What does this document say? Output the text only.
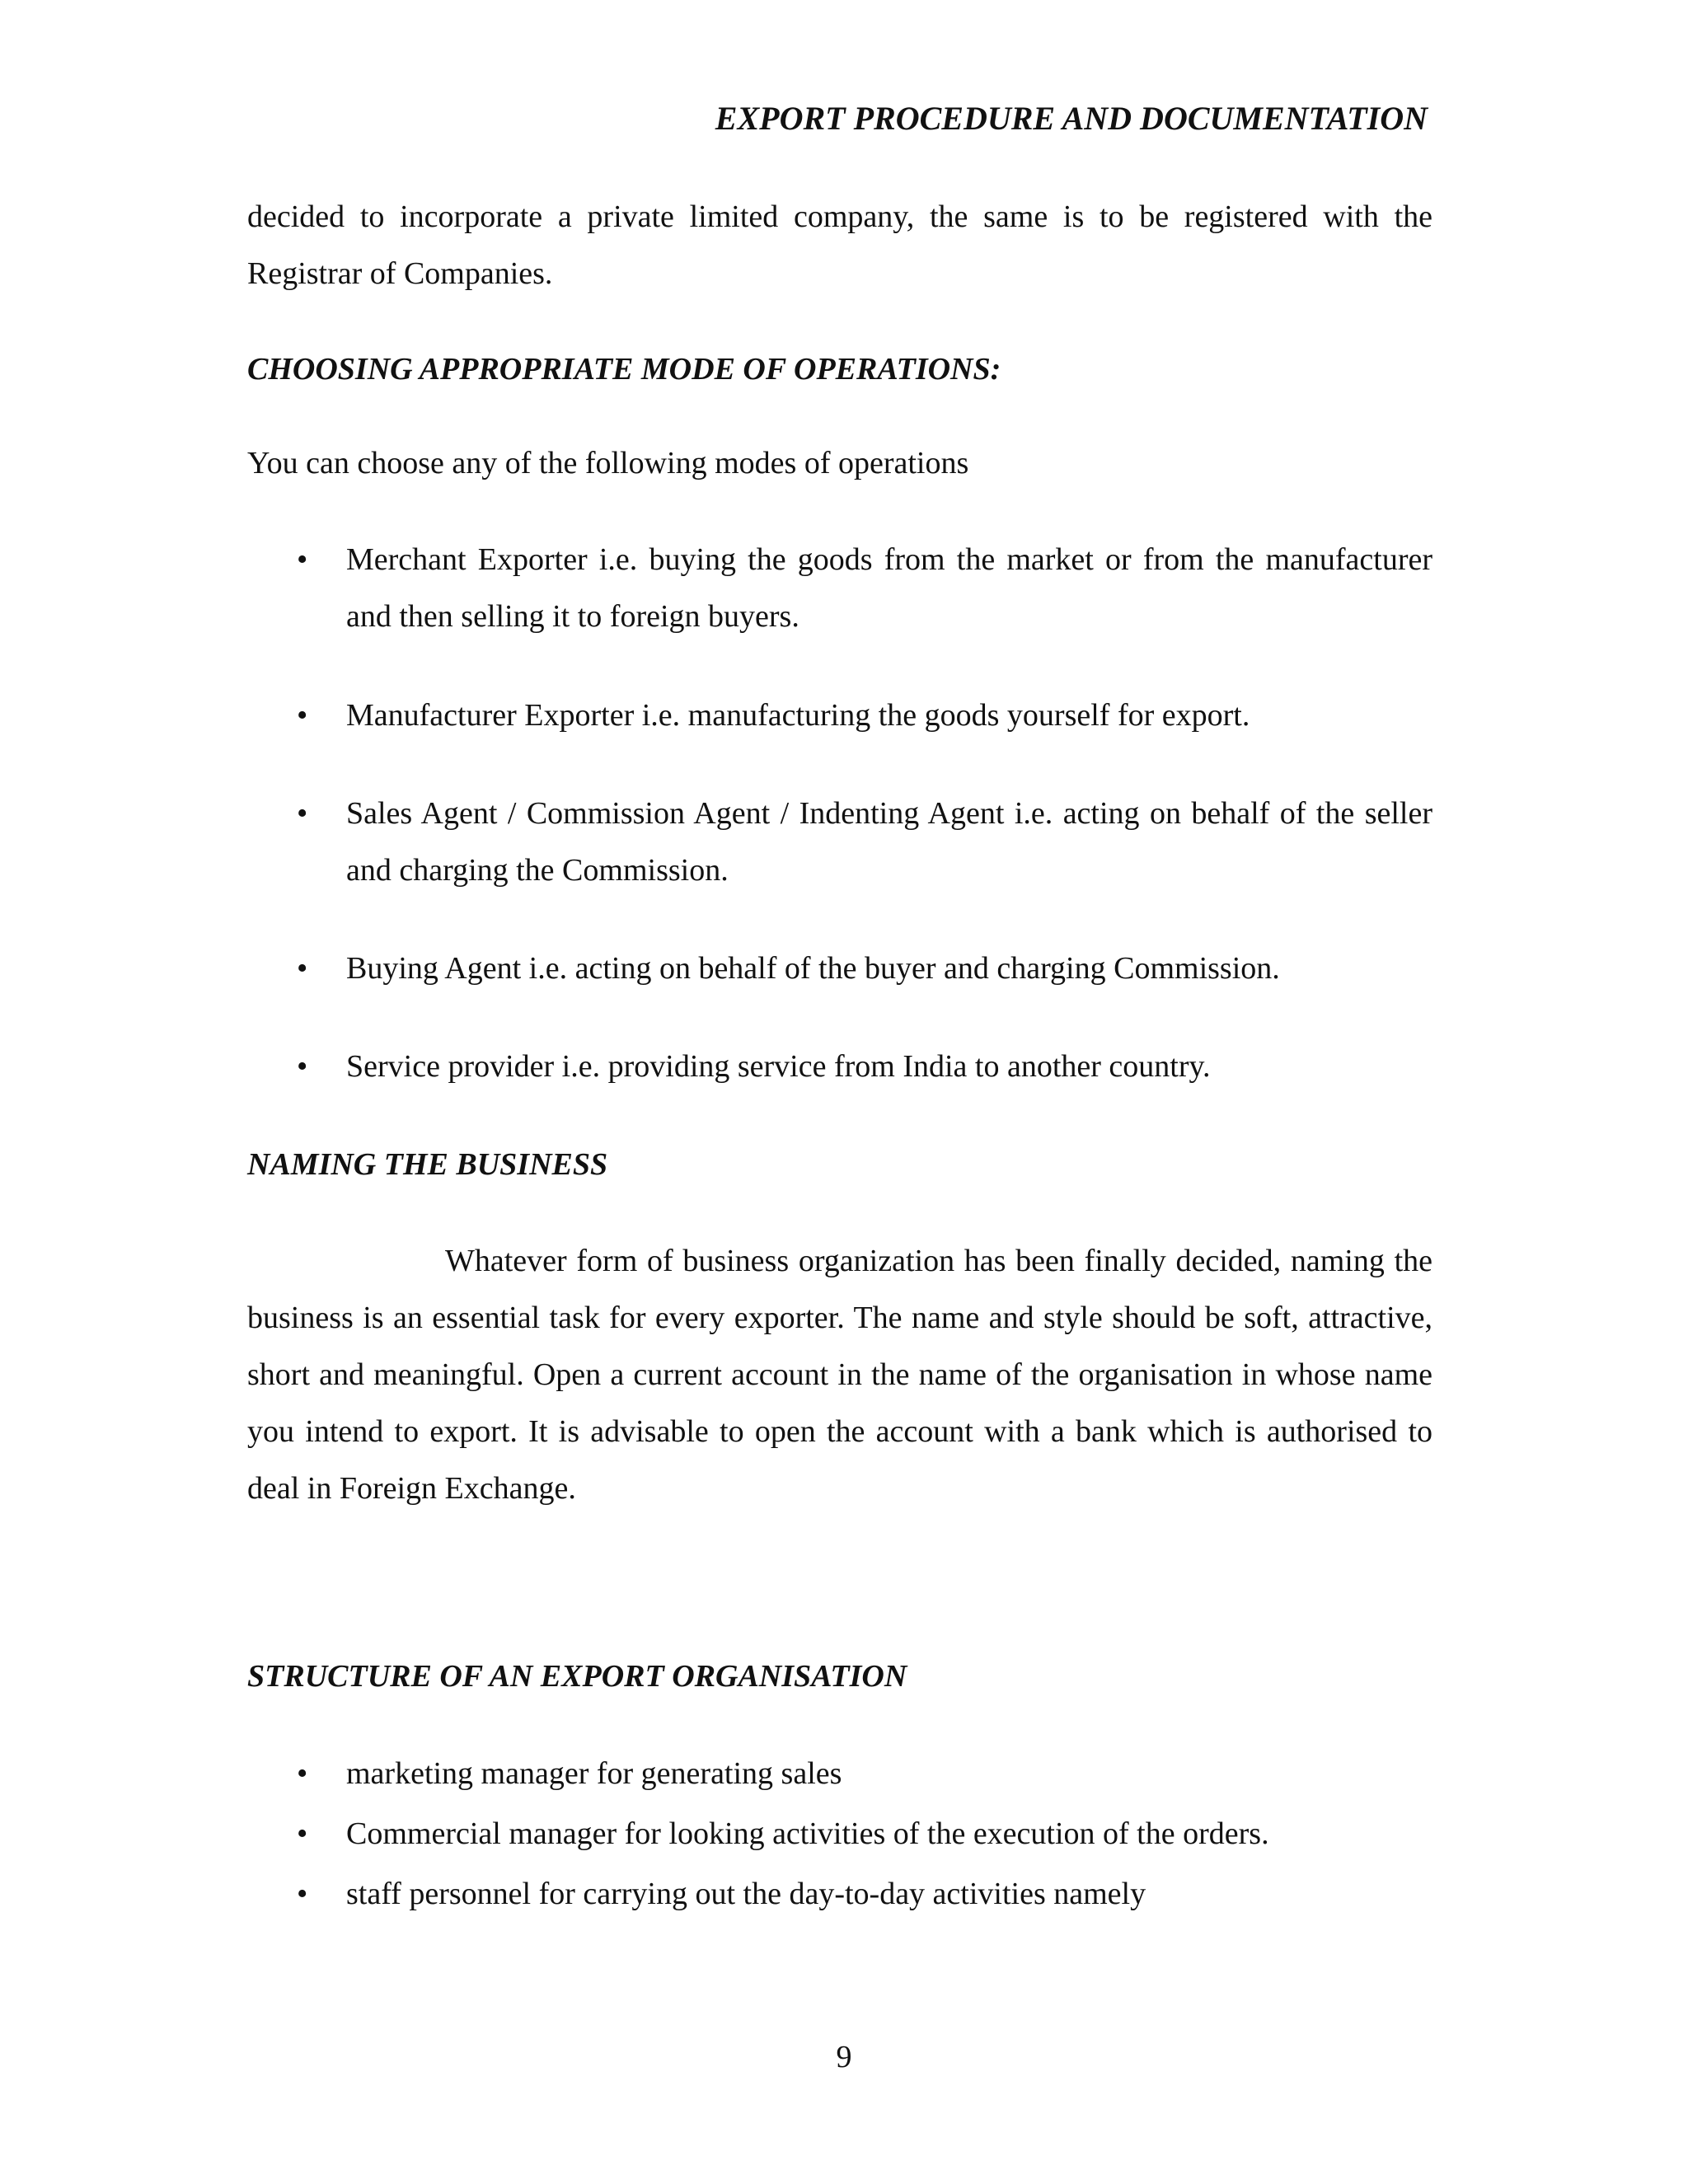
EXPORT PROCEDURE AND DOCUMENTATION

decided to incorporate a private limited company, the same is to be registered with the Registrar of Companies.

CHOOSING APPROPRIATE MODE OF OPERATIONS:

You can choose any of the following modes of operations

• Merchant Exporter i.e. buying the goods from the market or from the manufacturer and then selling it to foreign buyers.
• Manufacturer Exporter i.e. manufacturing the goods yourself for export.
• Sales Agent / Commission Agent / Indenting Agent i.e. acting on behalf of the seller and charging the Commission.
• Buying Agent i.e. acting on behalf of the buyer and charging Commission.
• Service provider i.e. providing service from India to another country.
NAMING THE BUSINESS

Whatever form of business organization has been finally decided, naming the business is an essential task for every exporter. The name and style should be soft, attractive, short and meaningful. Open a current account in the name of the organisation in whose name you intend to export. It is advisable to open the account with a bank which is authorised to deal in Foreign Exchange.

STRUCTURE OF AN EXPORT ORGANISATION
• marketing manager for generating sales
• Commercial manager for looking activities of the execution of the orders.
• staff personnel for carrying out the day-to-day activities namely
9
